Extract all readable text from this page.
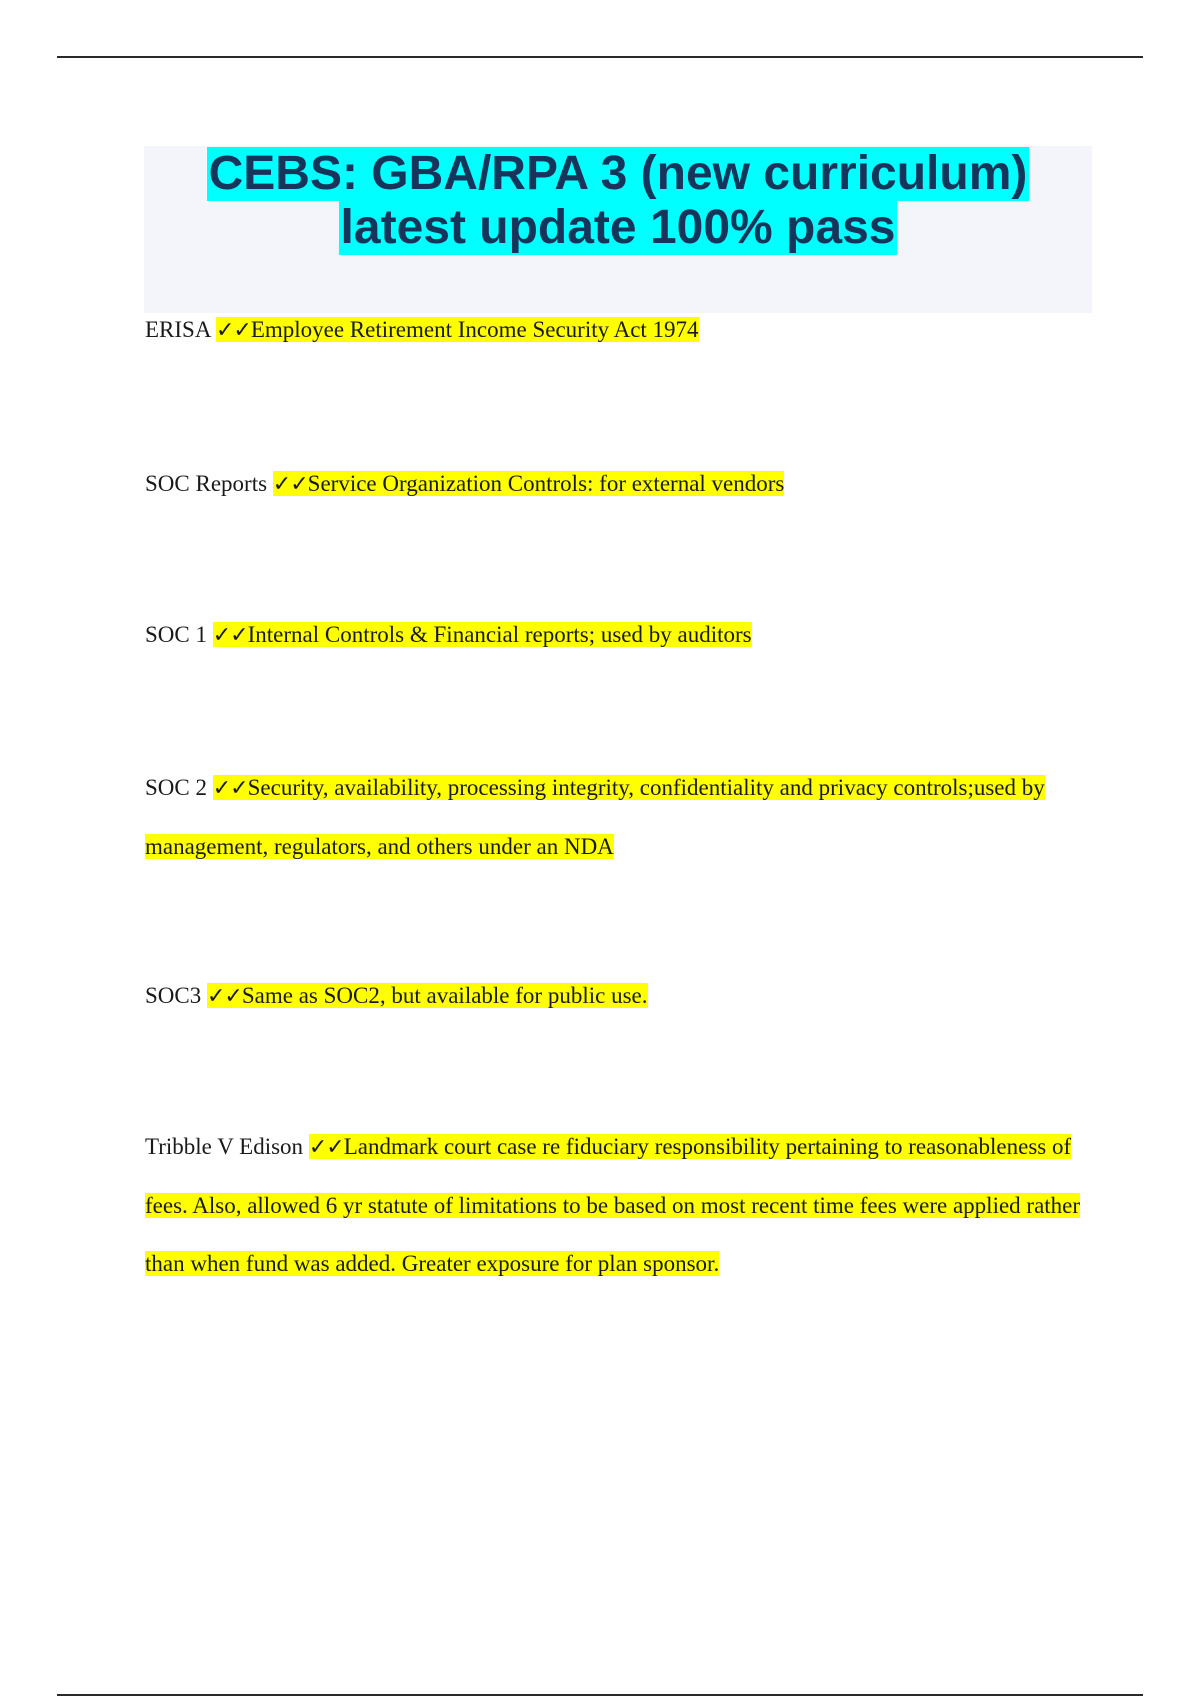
CEBS: GBA/RPA 3 (new curriculum)
latest update 100% pass
ERISA ✓✓Employee Retirement Income Security Act 1974
SOC Reports ✓✓Service Organization Controls: for external vendors
SOC 1 ✓✓Internal Controls & Financial reports; used by auditors
SOC 2 ✓✓Security, availability, processing integrity, confidentiality and privacy controls;used by management, regulators, and others under an NDA
SOC3 ✓✓Same as SOC2, but available for public use.
Tribble V Edison ✓✓Landmark court case re fiduciary responsibility pertaining to reasonableness of fees. Also, allowed 6 yr statute of limitations to be based on most recent time fees were applied rather than when fund was added. Greater exposure for plan sponsor.
